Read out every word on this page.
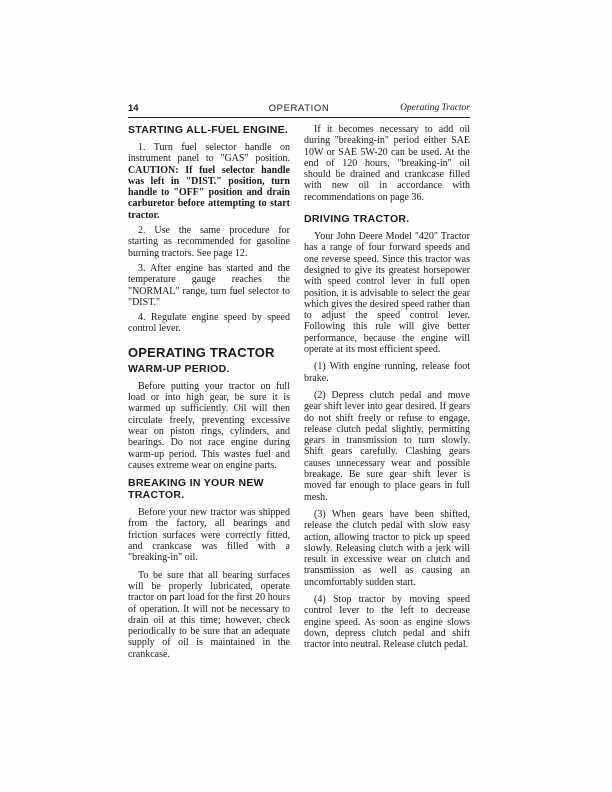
14	OPERATION	Operating Tractor
STARTING ALL-FUEL ENGINE.

1. Turn fuel selector handle on instrument panel to "GAS" position. CAUTION: If fuel selector handle was left in "DIST." position, turn handle to "OFF" position and drain carburetor before attempting to start tractor.

2. Use the same procedure for starting as recommended for gasoline burning tractors. See page 12.

3. After engine has started and the temperature gauge reaches the "NORMAL" range, turn fuel selector to "DIST."

4. Regulate engine speed by speed control lever.

OPERATING TRACTOR
WARM-UP PERIOD.

Before putting your tractor on full load or into high gear, be sure it is warmed up sufficiently. Oil will then circulate freely, preventing excessive wear on piston rings, cylinders, and bearings. Do not race engine during warm-up period. This wastes fuel and causes extreme wear on engine parts.

BREAKING IN YOUR NEW TRACTOR.

Before your new tractor was shipped from the factory, all bearings and friction surfaces were correctly fitted, and crankcase was filled with a "breaking-in" oil.

To be sure that all bearing surfaces will be properly lubricated, operate tractor on part load for the first 20 hours of operation. It will not be necessary to drain oil at this time; however, check periodically to be sure that an adequate supply of oil is maintained in the crankcase.

If it becomes necessary to add oil during "breaking-in" period either SAE 10W or SAE 5W-20 can be used. At the end of 120 hours, "breaking-in" oil should be drained and crankcase filled with new oil in accordance with recommendations on page 36.

DRIVING TRACTOR.

Your John Deere Model "420" Tractor has a range of four forward speeds and one reverse speed. Since this tractor was designed to give its greatest horsepower with speed control lever in full open position, it is advisable to select the gear which gives the desired speed rather than to adjust the speed control lever. Following this rule will give better performance, because the engine will operate at its most efficient speed.

(1) With engine running, release foot brake.

(2) Depress clutch pedal and move gear shift lever into gear desired. If gears do not shift freely or refuse to engage, release clutch pedal slightly, permitting gears in transmission to turn slowly. Shift gears carefully. Clashing gears causes unnecessary wear and possible breakage. Be sure gear shift lever is moved far enough to place gears in full mesh.

(3) When gears have been shifted, release the clutch pedal with slow easy action, allowing tractor to pick up speed slowly. Releasing clutch with a jerk will result in excessive wear on clutch and transmission as well as causing an uncomfortably sudden start.

(4) Stop tractor by moving speed control lever to the left to decrease engine speed. As soon as engine slows down, depress clutch pedal and shift tractor into neutral. Release clutch pedal.
